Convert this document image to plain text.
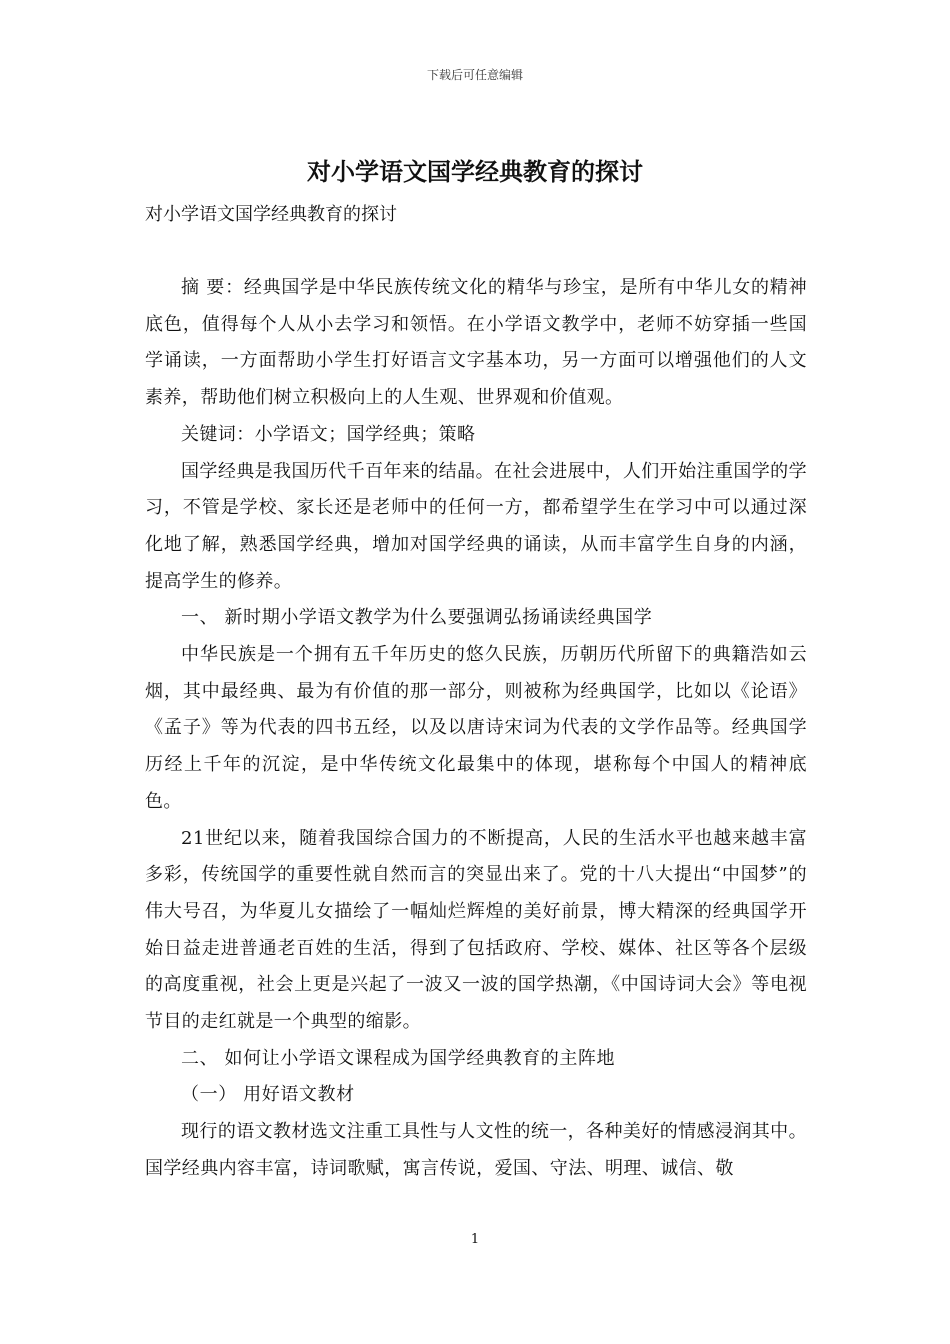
下载后可任意编辑
对小学语文国学经典教育的探讨
对小学语文国学经典教育的探讨

摘 要：经典国学是中华民族传统文化的精华与珍宝，是所有中华儿女的精神底色，值得每个人从小去学习和领悟。在小学语文教学中，老师不妨穿插一些国学诵读，一方面帮助小学生打好语言文字基本功，另一方面可以增强他们的人文素养，帮助他们树立积极向上的人生观、世界观和价值观。

关键词：小学语文；国学经典；策略

国学经典是我国历代千百年来的结晶。在社会进展中，人们开始注重国学的学习，不管是学校、家长还是老师中的任何一方，都希望学生在学习中可以通过深化地了解，熟悉国学经典，增加对国学经典的诵读，从而丰富学生自身的内涵，提高学生的修养。

一、 新时期小学语文教学为什么要强调弘扬诵读经典国学

中华民族是一个拥有五千年历史的悠久民族，历朝历代所留下的典籍浩如云烟，其中最经典、最为有价值的那一部分，则被称为经典国学，比如以《论语》《孟子》等为代表的四书五经，以及以唐诗宋词为代表的文学作品等。经典国学历经上千年的沉淀，是中华传统文化最集中的体现，堪称每个中国人的精神底色。

21世纪以来，随着我国综合国力的不断提高，人民的生活水平也越来越丰富多彩，传统国学的重要性就自然而言的突显出来了。党的十八大提出“中国梦”的伟大号召，为华夏儿女描绘了一幅灿烂辉煌的美好前景，博大精深的经典国学开始日益走进普通老百姓的生活，得到了包括政府、学校、媒体、社区等各个层级的高度重视，社会上更是兴起了一波又一波的国学热潮，《中国诗词大会》等电视节目的走红就是一个典型的缩影。

二、 如何让小学语文课程成为国学经典教育的主阵地

（一） 用好语文教材

现行的语文教材选文注重工具性与人文性的统一，各种美好的情感浸润其中。国学经典内容丰富，诗词歌赋，寓言传说，爱国、守法、明理、诚信、敬

1
